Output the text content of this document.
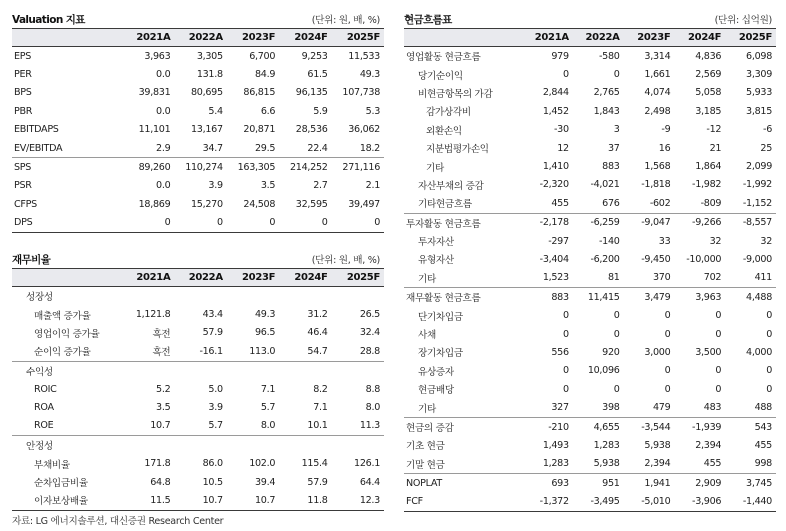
Valuation 지표	(단위: 원, 배, %)
	2021A	2022A	2023F	2024F	2025F
EPS	3,963	3,305	6,700	9,253	11,533
PER	0.0	131.8	84.9	61.5	49.3
BPS	39,831	80,695	86,815	96,135	107,738
PBR	0.0	5.4	6.6	5.9	5.3
EBITDAPS	11,101	13,167	20,871	28,536	36,062
EV/EBITDA	2.9	34.7	29.5	22.4	18.2
SPS	89,260	110,274	163,305	214,252	271,116
PSR	0.0	3.9	3.5	2.7	2.1
CFPS	18,869	15,270	24,508	32,595	39,497
DPS	0	0	0	0	0
재무비율	(단위: 원, 배, %)
	2021A	2022A	2023F	2024F	2025F
성장성					
매출액 증가율	1,121.8	43.4	49.3	31.2	26.5
영업이익 증가율	흑전	57.9	96.5	46.4	32.4
순이익 증가율	흑전	-16.1	113.0	54.7	28.8
수익성					
ROIC	5.2	5.0	7.1	8.2	8.8
ROA	3.5	3.9	5.7	7.1	8.0
ROE	10.7	5.7	8.0	10.1	11.3
안정성					
부채비율	171.8	86.0	102.0	115.4	126.1
순차입금비율	64.8	10.5	39.4	57.9	64.4
이자보상배율	11.5	10.7	10.7	11.8	12.3
현금흐름표	(단위: 십억원)
	2021A	2022A	2023F	2024F	2025F
영업활동 현금흐름	979	-580	3,314	4,836	6,098
당기순이익	0	0	1,661	2,569	3,309
비현금항목의 가감	2,844	2,765	4,074	5,058	5,933
감가상각비	1,452	1,843	2,498	3,185	3,815
외환손익	-30	3	-9	-12	-6
지분법평가손익	12	37	16	21	25
기타	1,410	883	1,568	1,864	2,099
자산부채의 증감	-2,320	-4,021	-1,818	-1,982	-1,992
기타현금흐름	455	676	-602	-809	-1,152
투자활동 현금흐름	-2,178	-6,259	-9,047	-9,266	-8,557
투자자산	-297	-140	33	32	32
유형자산	-3,404	-6,200	-9,450	-10,000	-9,000
기타	1,523	81	370	702	411
재무활동 현금흐름	883	11,415	3,479	3,963	4,488
단기차입금	0	0	0	0	0
사채	0	0	0	0	0
장기차입금	556	920	3,000	3,500	4,000
유상증자	0	10,096	0	0	0
현금배당	0	0	0	0	0
기타	327	398	479	483	488
현금의 증감	-210	4,655	-3,544	-1,939	543
기초 현금	1,493	1,283	5,938	2,394	455
기말 현금	1,283	5,938	2,394	455	998
NOPLAT	693	951	1,941	2,909	3,745
FCF	-1,372	-3,495	-5,010	-3,906	-1,440
자료: LG 에너지솔루션, 대신증권 Research Center
